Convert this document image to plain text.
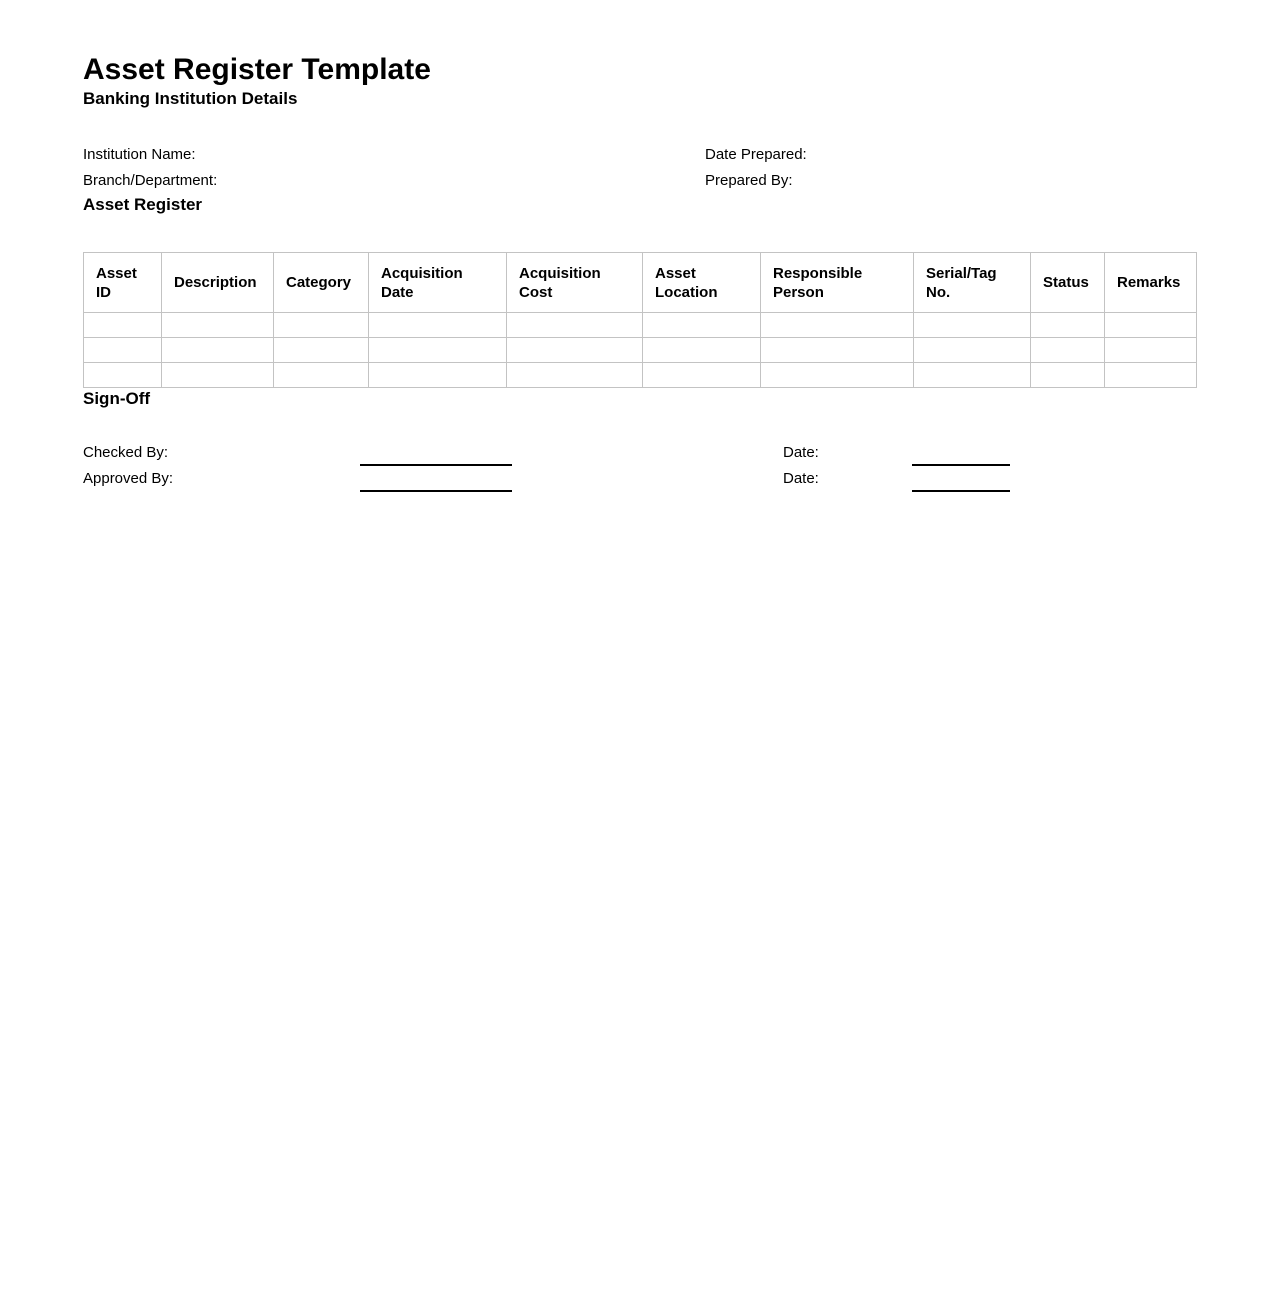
Asset Register Template
Banking Institution Details
Institution Name:	Date Prepared:
Branch/Department:	Prepared By:
Asset Register
Asset ID	Description	Category	Acquisition Date	Acquisition Cost	Asset Location	Responsible Person	Serial/Tag No.	Status	Remarks

Sign-Off
Checked By:	Date:
Approved By:	Date:
